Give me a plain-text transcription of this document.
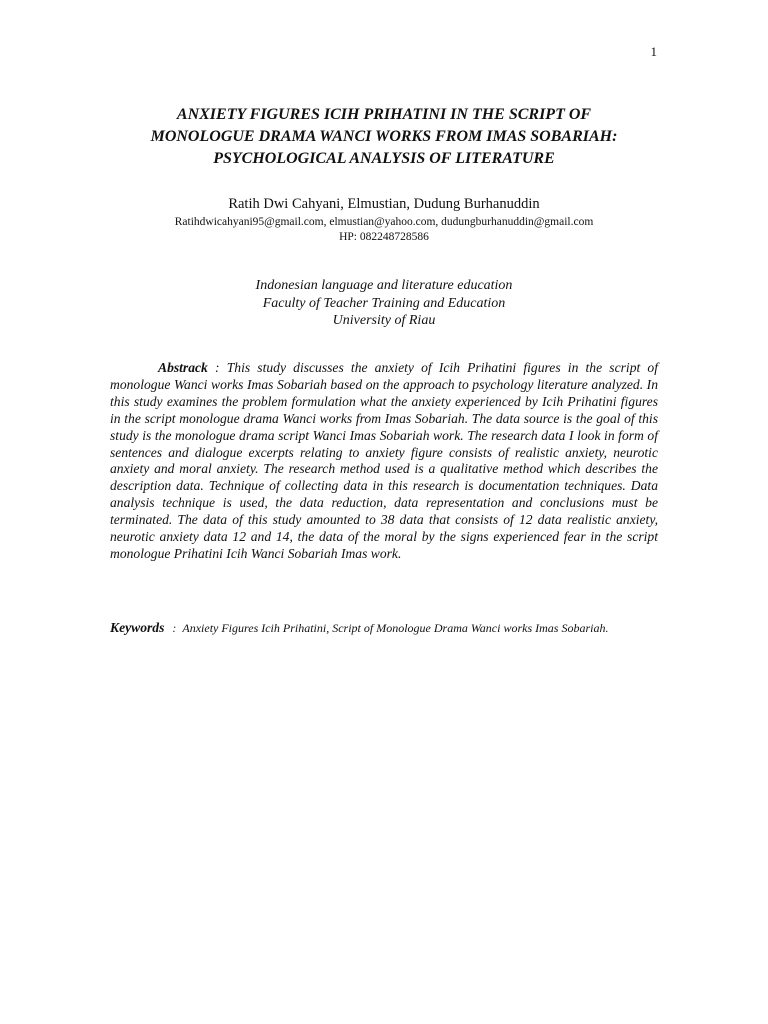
1
ANXIETY FIGURES ICIH PRIHATINI IN THE SCRIPT OF
MONOLOGUE DRAMA WANCI WORKS FROM IMAS SOBARIAH:
PSYCHOLOGICAL ANALYSIS OF LITERATURE
Ratih Dwi Cahyani, Elmustian, Dudung Burhanuddin
Ratihdwicahyani95@gmail.com, elmustian@yahoo.com, dudungburhanuddin@gmail.com
HP: 082248728586
Indonesian language and literature education
Faculty of Teacher Training and Education
University of Riau

Abstrack : This study discusses the anxiety of Icih Prihatini figures in the script of monologue Wanci works Imas Sobariah based on the approach to psychology literature analyzed. In this study examines the problem formulation what the anxiety experienced by Icih Prihatini figures in the script monologue drama Wanci works from Imas Sobariah. The data source is the goal of this study is the monologue drama script Wanci Imas Sobariah work. The research data I look in form of sentences and dialogue excerpts relating to anxiety figure consists of realistic anxiety, neurotic anxiety and moral anxiety. The research method used is a qualitative method which describes the description data. Technique of collecting data in this research is documentation techniques. Data analysis technique is used, the data reduction, data representation and conclusions must be terminated. The data of this study amounted to 38 data that consists of 12 data realistic anxiety, neurotic anxiety data 12 and 14, the data of the moral by the signs experienced fear in the script monologue Prihatini Icih Wanci Sobariah Imas work.

Keywords : Anxiety Figures Icih Prihatini, Script of Monologue Drama Wanci works Imas Sobariah.
